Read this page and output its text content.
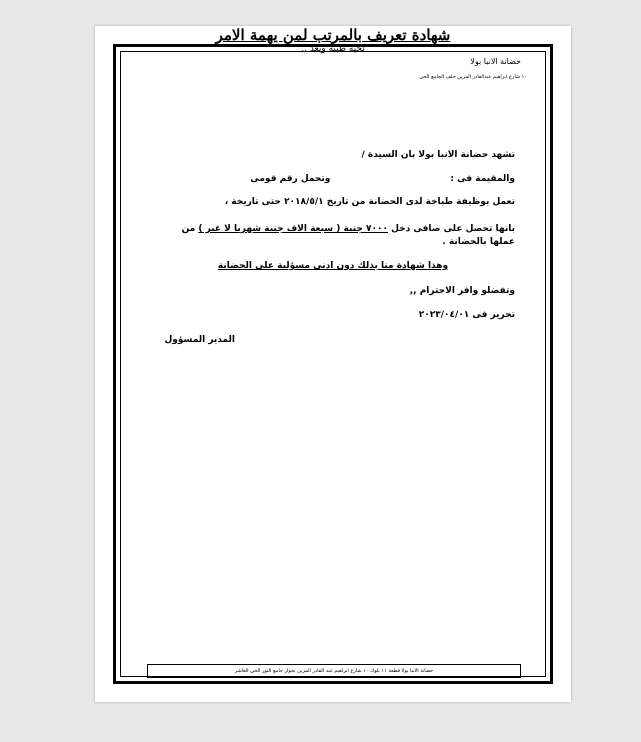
حضانة الانبا بولا
١٠ شارع ابراهيم عبدالقادر المزين خلف الجامع الحي
شهادة تعريف بالمرتب لمن يهمة الامر
تحية طيبة وبعد ,,
تشهد حضانة الانبا بولا بان السيدة /
والمقيمة فى :وتحمل رقم قومى
تعمل بوظيفة طباخة لدى الحضانة من تاريخ ٢٠١٨/٥/١ حتى تاريخة ،
بانها تحصل على صافى دخل ٧٠٠٠ جنية ( سبعة الاف جنية شهريا لا غير ) من عملها بالحضانة .
وهذا شهادة منا بذلك دون ادنى مسؤلية على الحضانة
وتفضلو وافر الاحترام ,,
تحرير فى ٢٠٢٣/٠٤/٠١
المدير المسؤول
حضانة الانبا بولا قطعة ١١ بلوك ١٠ شارع ابراهيم عبد القادر المزين بجوار جامع النور الحي العاشر
